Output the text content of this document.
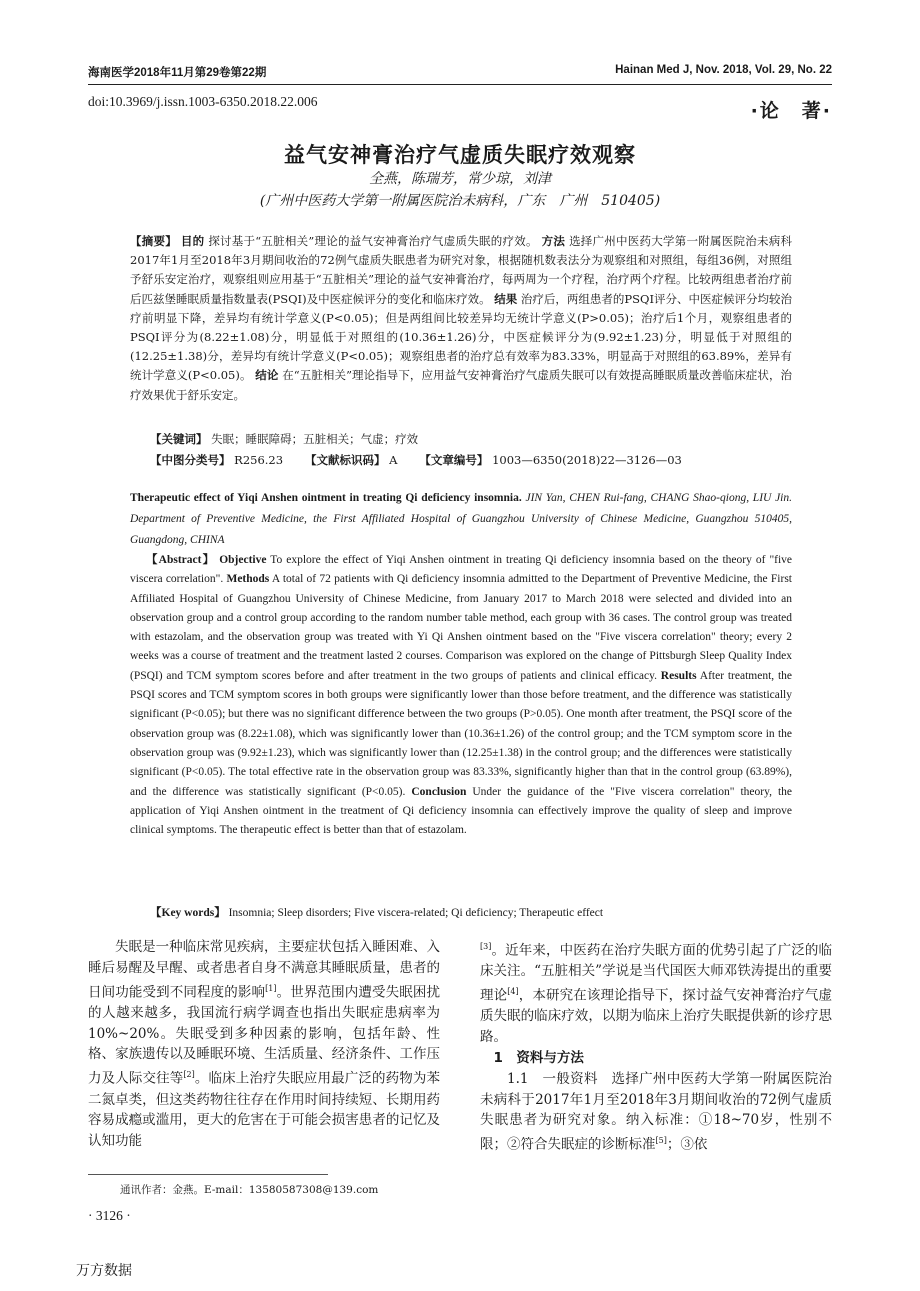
海南医学2018年11月第29卷第22期	Hainan Med J, Nov. 2018, Vol. 29, No. 22
doi:10.3969/j.issn.1003-6350.2018.22.006	·论　著·
益气安神膏治疗气虚质失眠疗效观察
全燕，陈瑞芳，常少琼，刘津
(广州中医药大学第一附属医院治未病科，广东　广州　510405)
【摘要】 目的 探讨基于“五脏相关”理论的益气安神膏治疗气虚质失眠的疗效。 方法 选择广州中医药大学第一附属医院治未病科2017年1月至2018年3月期间收治的72例气虚质失眠患者为研究对象，根据随机数表法分为观察组和对照组，每组36例，对照组予舒乐安定治疗，观察组则应用基于“五脏相关”理论的益气安神膏治疗，每两周为一个疗程，治疗两个疗程。比较两组患者治疗前后匹兹堡睡眠质量指数量表(PSQI)及中医症候评分的变化和临床疗效。 结果 治疗后，两组患者的PSQI评分、中医症候评分均较治疗前明显下降，差异均有统计学意义(P<0.05)；但是两组间比较差异均无统计学意义(P>0.05)；治疗后1个月，观察组患者的PSQI评分为(8.22±1.08)分，明显低于对照组的(10.36±1.26)分，中医症候评分为(9.92±1.23)分，明显低于对照组的(12.25±1.38)分，差异均有统计学意义(P<0.05)；观察组患者的治疗总有效率为83.33%，明显高于对照组的63.89%，差异有统计学意义(P<0.05)。 结论 在“五脏相关”理论指导下，应用益气安神膏治疗气虚质失眠可以有效提高睡眠质量改善临床症状，治疗效果优于舒乐安定。
【关键词】 失眠；睡眠障碍；五脏相关；气虚；疗效
【中图分类号】 R256.23 【文献标识码】 A 【文章编号】 1003—6350(2018)22—3126—03
Therapeutic effect of Yiqi Anshen ointment in treating Qi deficiency insomnia. JIN Yan, CHEN Rui-fang, CHANG Shao-qiong, LIU Jin. Department of Preventive Medicine, the First Affiliated Hospital of Guangzhou University of Chinese Medicine, Guangzhou 510405, Guangdong, CHINA
【Abstract】 Objective To explore the effect of Yiqi Anshen ointment in treating Qi deficiency insomnia based on the theory of "five viscera correlation". Methods A total of 72 patients with Qi deficiency insomnia admitted to the Department of Preventive Medicine, the First Affiliated Hospital of Guangzhou University of Chinese Medicine, from January 2017 to March 2018 were selected and divided into an observation group and a control group according to the random number table method, each group with 36 cases. The control group was treated with estazolam, and the observation group was treated with Yi Qi Anshen ointment based on the "Five viscera correlation" theory; every 2 weeks was a course of treatment and the treatment lasted 2 courses. Comparison was explored on the change of Pittsburgh Sleep Quality Index (PSQI) and TCM symptom scores before and after treatment in the two groups of patients and clinical efficacy. Results After treatment, the PSQI scores and TCM symptom scores in both groups were significantly lower than those before treatment, and the difference was statistically significant (P<0.05); but there was no significant difference between the two groups (P>0.05). One month after treatment, the PSQI score of the observation group was (8.22±1.08), which was significantly lower than (10.36±1.26) of the control group; and the TCM symptom score in the observation group was (9.92±1.23), which was significantly lower than (12.25±1.38) in the control group; and the differences were statistically significant (P<0.05). The total effective rate in the observation group was 83.33%, significantly higher than that in the control group (63.89%), and the difference was statistically significant (P<0.05). Conclusion Under the guidance of the "Five viscera correlation" theory, the application of Yiqi Anshen ointment in the treatment of Qi deficiency insomnia can effectively improve the quality of sleep and improve clinical symptoms. The therapeutic effect is better than that of estazolam.
【Key words】 Insomnia; Sleep disorders; Five viscera-related; Qi deficiency; Therapeutic effect

失眠是一种临床常见疾病，主要症状包括入睡困难、入睡后易醒及早醒、或者患者自身不满意其睡眠质量，患者的日间功能受到不同程度的影响[1]。世界范围内遭受失眠困扰的人越来越多，我国流行病学调查也指出失眠症患病率为10%~20%。失眠受到多种因素的影响，包括年龄、性格、家族遗传以及睡眠环境、生活质量、经济条件、工作压力及人际交往等[2]。临床上治疗失眠应用最广泛的药物为苯二氮卓类，但这类药物往往存在作用时间持续短、长期用药容易成瘾或滥用，更大的危害在于可能会损害患者的记忆及认知功能

[3]。近年来，中医药在治疗失眠方面的优势引起了广泛的临床关注。“五脏相关”学说是当代国医大师邓铁涛提出的重要理论[4]，本研究在该理论指导下，探讨益气安神膏治疗气虚质失眠的临床疗效，以期为临床上治疗失眠提供新的诊疗思路。

1　资料与方法

1.1　一般资料　选择广州中医药大学第一附属医院治未病科于2017年1月至2018年3月期间收治的72例气虚质失眠患者为研究对象。纳入标准：①18~70岁，性别不限；②符合失眠症的诊断标准[5]；③依

通讯作者：金燕。E-mail：13580587308@139.com
· 3126 ·
万方数据
